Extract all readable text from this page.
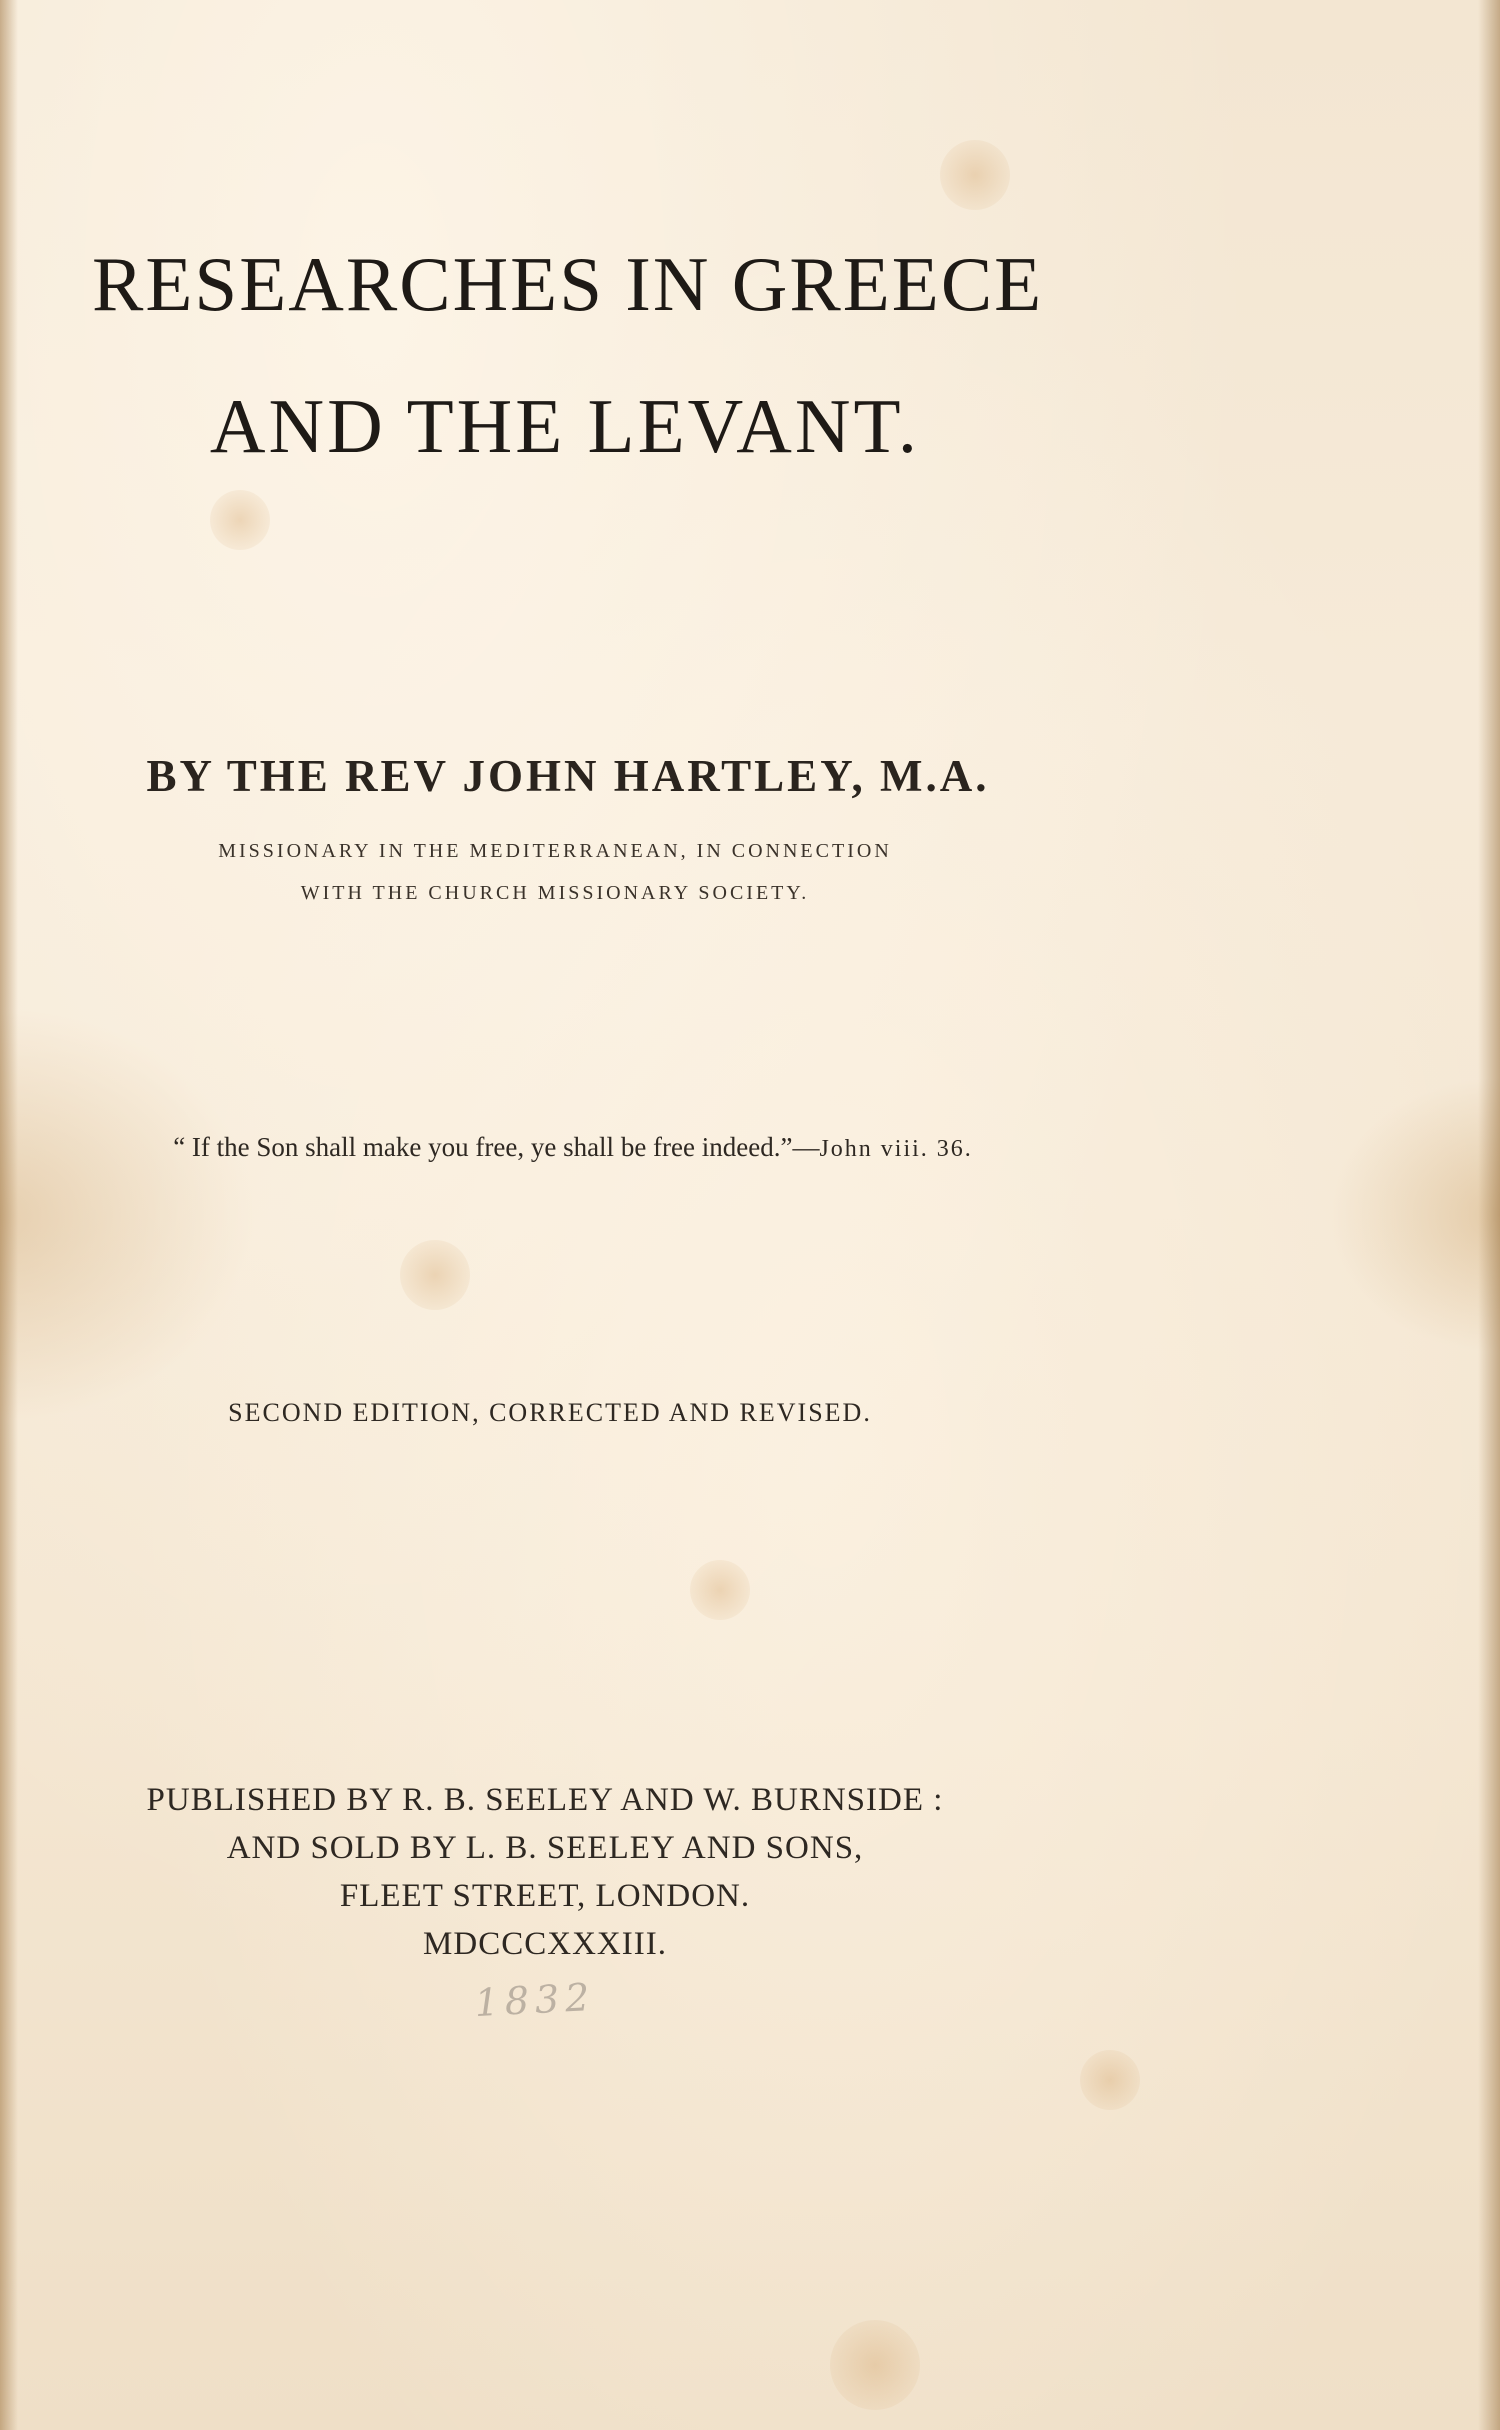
RESEARCHES IN GREECE
AND THE LEVANT.
BY THE REV JOHN HARTLEY, M.A.
MISSIONARY IN THE MEDITERRANEAN, IN CONNECTION
WITH THE CHURCH MISSIONARY SOCIETY.
“ If the Son shall make you free, ye shall be free indeed.”—John viii. 36.
SECOND EDITION, CORRECTED AND REVISED.
PUBLISHED BY R. B. SEELEY AND W. BURNSIDE :
AND SOLD BY L. B. SEELEY AND SONS,
FLEET STREET, LONDON.
MDCCCXXXIII.
1832
